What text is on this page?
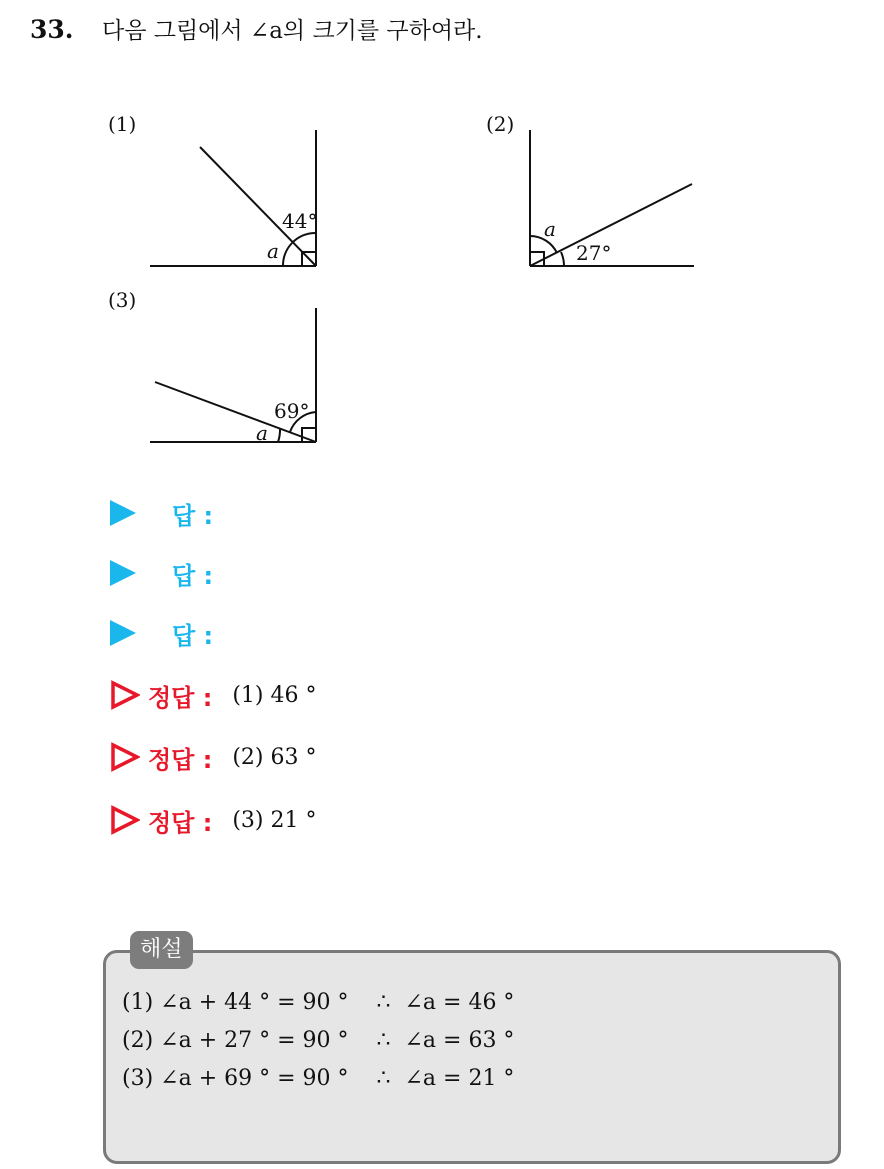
33.	다음 그림에서 ∠a의 크기를 구하여라.
(1)
44°
a
(2)
a
27°
(3)
69°
a
답 :
답 :
답 :
정답 : (1) 46 °
정답 : (2) 63 °
정답 : (3) 21 °
해설
(1) ∠a + 44 ° = 90 °    ∴  ∠a = 46 °
(2) ∠a + 27 ° = 90 °    ∴  ∠a = 63 °
(3) ∠a + 69 ° = 90 °    ∴  ∠a = 21 °
